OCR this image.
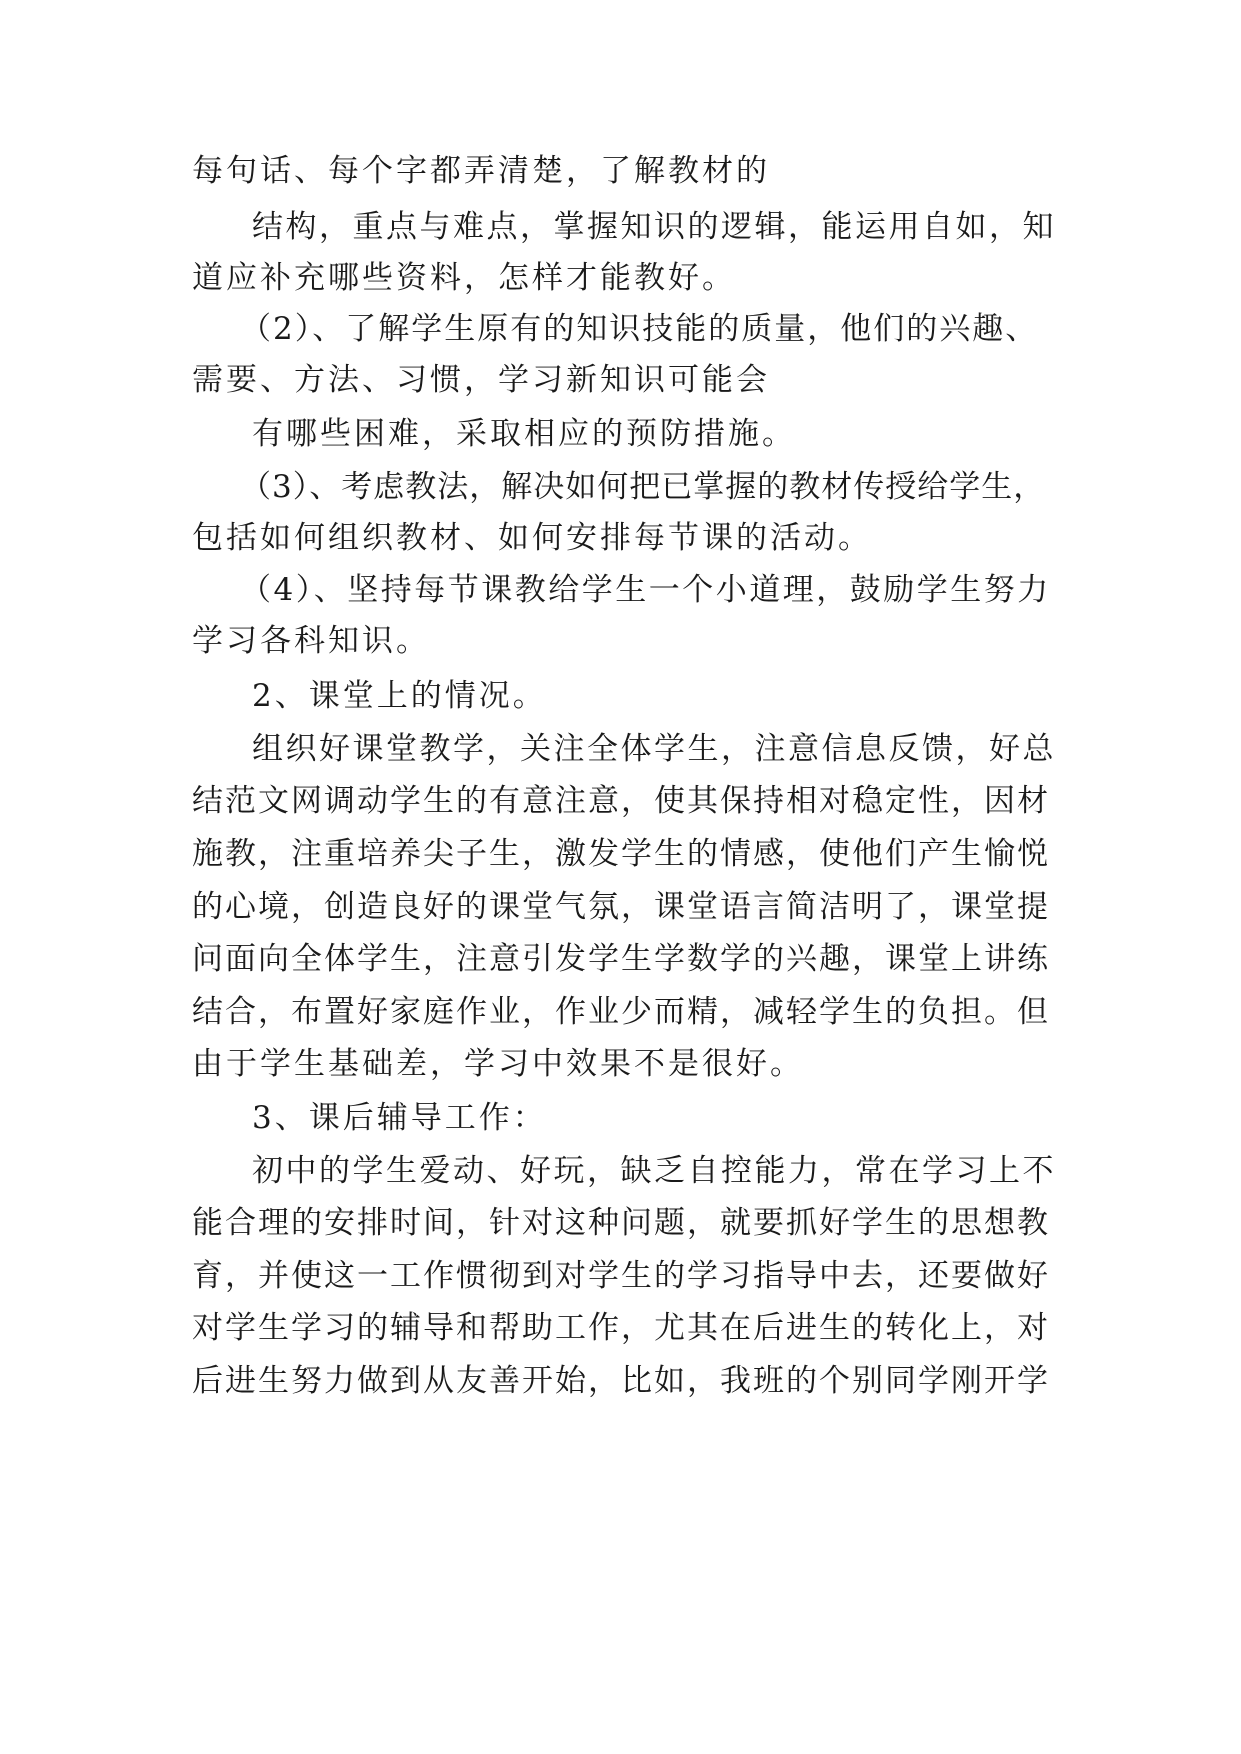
每句话、每个字都弄清楚，了解教材的
结构，重点与难点，掌握知识的逻辑，能运用自如，知
道应补充哪些资料，怎样才能教好。
（2）、了解学生原有的知识技能的质量，他们的兴趣、
需要、方法、习惯，学习新知识可能会
有哪些困难，采取相应的预防措施。
（3）、考虑教法，解决如何把已掌握的教材传授给学生，
包括如何组织教材、如何安排每节课的活动。
（4）、坚持每节课教给学生一个小道理，鼓励学生努力
学习各科知识。
2、课堂上的情况。
组织好课堂教学，关注全体学生，注意信息反馈，好总
结范文网调动学生的有意注意，使其保持相对稳定性，因材
施教，注重培养尖子生，激发学生的情感，使他们产生愉悦
的心境，创造良好的课堂气氛，课堂语言简洁明了，课堂提
问面向全体学生，注意引发学生学数学的兴趣，课堂上讲练
结合，布置好家庭作业，作业少而精，减轻学生的负担。但
由于学生基础差，学习中效果不是很好。
3、课后辅导工作：
初中的学生爱动、好玩，缺乏自控能力，常在学习上不
能合理的安排时间，针对这种问题，就要抓好学生的思想教
育，并使这一工作惯彻到对学生的学习指导中去，还要做好
对学生学习的辅导和帮助工作，尤其在后进生的转化上，对
后进生努力做到从友善开始，比如，我班的个别同学刚开学
